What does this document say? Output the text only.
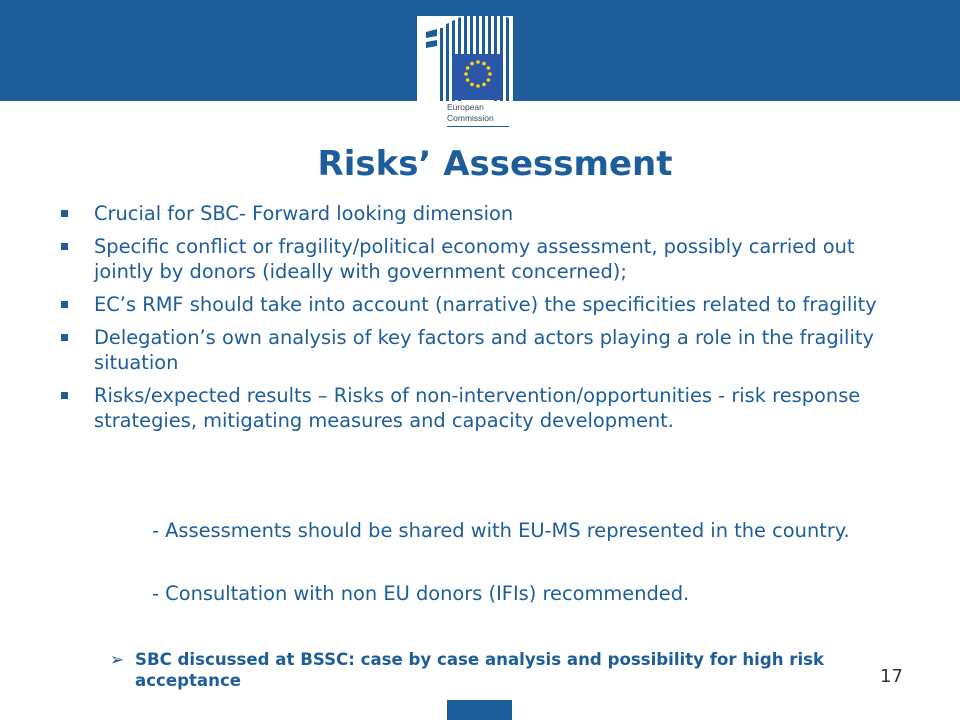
European
Commission
Risks’ Assessment
Crucial for SBC- Forward looking dimension
Specific conflict or fragility/political economy assessment, possibly carried out jointly by donors (ideally with government concerned);
EC’s RMF should take into account (narrative) the specificities related to fragility
Delegation’s own analysis of key factors and actors playing a role in the fragility situation
Risks/expected results – Risks of non-intervention/opportunities - risk response strategies, mitigating measures and capacity development.

- Assessments should be shared with EU-MS represented in the country.

- Consultation with non EU donors (IFIs) recommended.

➢ SBC discussed at BSSC: case by case analysis and possibility for high risk acceptance	17
